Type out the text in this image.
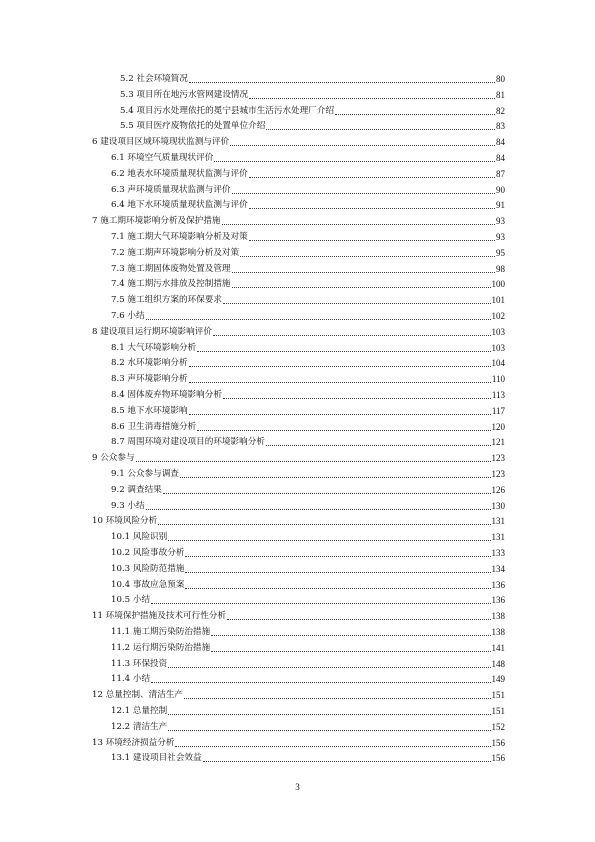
5.2 社会环境简况	80
5.3 项目所在地污水管网建设情况	81
5.4 项目污水处理依托的冕宁县城市生活污水处理厂介绍	82
5.5 项目医疗废物依托的处置单位介绍	83
6 建设项目区域环境现状监测与评价	84
6.1 环境空气质量现状评价	84
6.2 地表水环境质量现状监测与评价	87
6.3 声环境质量现状监测与评价	90
6.4 地下水环境质量现状监测与评价	91
7 施工期环境影响分析及保护措施	93
7.1 施工期大气环境影响分析及对策	93
7.2 施工期声环境影响分析及对策	95
7.3 施工期固体废物处置及管理	98
7.4 施工期污水排放及控制措施	100
7.5 施工组织方案的环保要求	101
7.6 小结	102
8 建设项目运行期环境影响评价	103
8.1 大气环境影响分析	103
8.2 水环境影响分析	104
8.3 声环境影响分析	110
8.4 固体废弃物环境影响分析	113
8.5 地下水环境影响	117
8.6 卫生消毒措施分析	120
8.7 周围环境对建设项目的环境影响分析	121
9 公众参与	123
9.1 公众参与调查	123
9.2 调查结果	126
9.3 小结	130
10 环境风险分析	131
10.1 风险识别	131
10.2 风险事故分析	133
10.3 风险防范措施	134
10.4 事故应急预案	136
10.5 小结	136
11 环境保护措施及技术可行性分析	138
11.1 施工期污染防治措施	138
11.2 运行期污染防治措施	141
11.3 环保投资	148
11.4 小结	149
12 总量控制、清洁生产	151
12.1 总量控制	151
12.2 清洁生产	152
13 环境经济损益分析	156
13.1 建设项目社会效益	156
3
